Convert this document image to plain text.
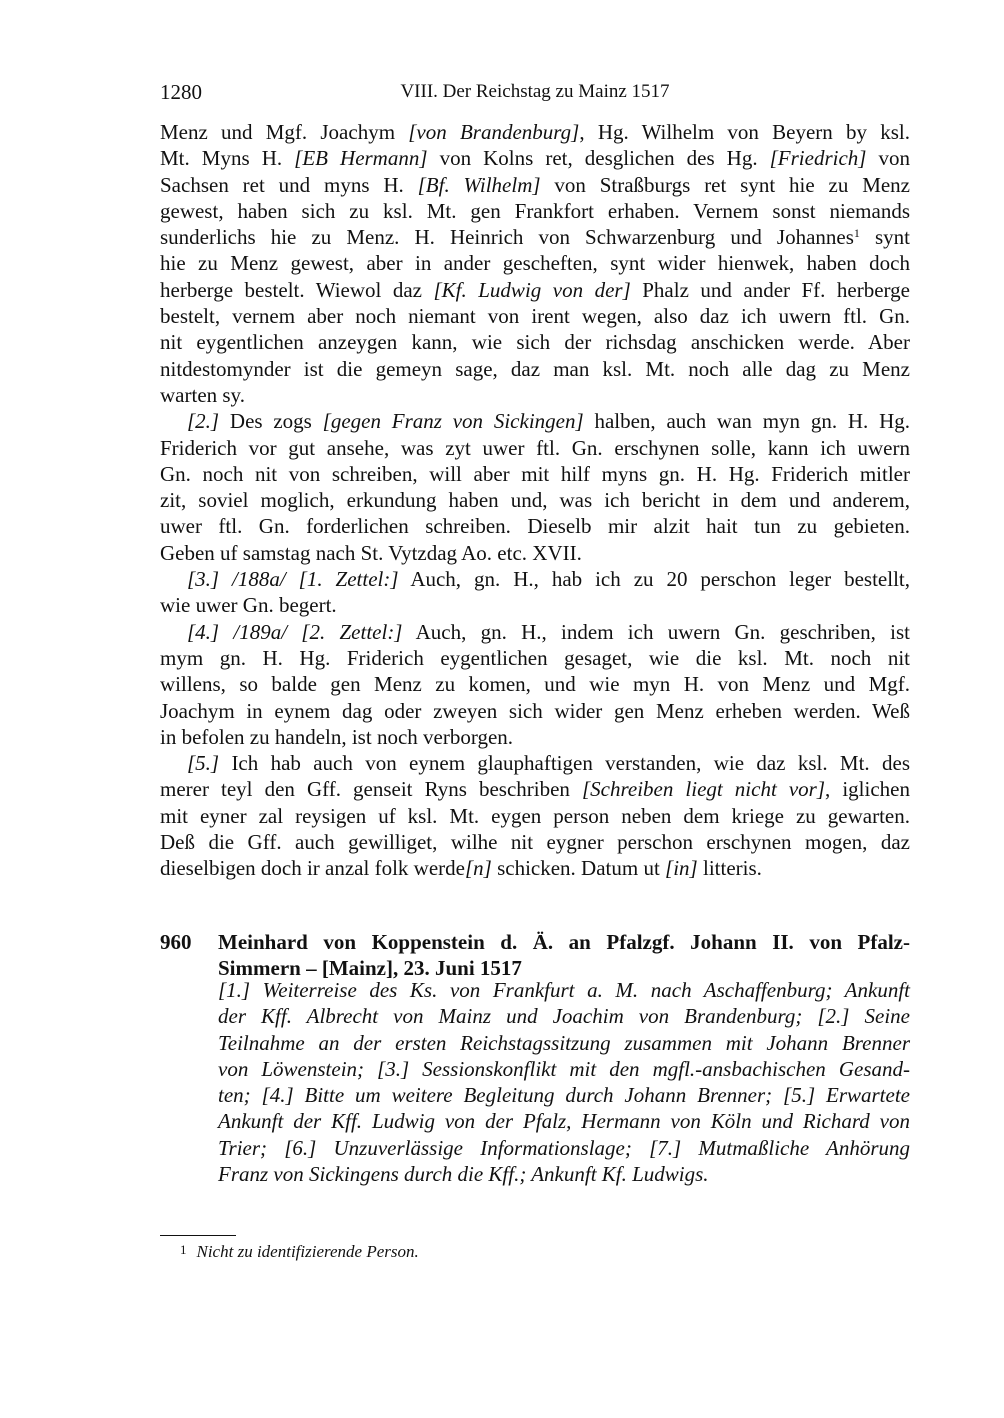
1280	VIII. Der Reichstag zu Mainz 1517
Menz und Mgf. Joachym [von Brandenburg], Hg. Wilhelm von Beyern by ksl.
Mt. Myns H. [EB Hermann] von Kolns ret, desglichen des Hg. [Friedrich] von
Sachsen ret und myns H. [Bf. Wilhelm] von Straßburgs ret synt hie zu Menz
gewest, haben sich zu ksl. Mt. gen Frankfort erhaben. Vernem sonst niemands
sunderlichs hie zu Menz. H. Heinrich von Schwarzenburg und Johannes$^1$ synt
hie zu Menz gewest, aber in ander gescheften, synt wider hienwek, haben doch
herberge bestelt. Wiewol daz [Kf. Ludwig von der] Phalz und ander Ff. herberge
bestelt, vernem aber noch niemant von irent wegen, also daz ich uwern ftl. Gn.
nit eygentlichen anzeygen kann, wie sich der richsdag anschicken werde. Aber
nitdestomynder ist die gemeyn sage, daz man ksl. Mt. noch alle dag zu Menz
warten sy.
[2.] Des zogs [gegen Franz von Sickingen] halben, auch wan myn gn. H. Hg.
Friderich vor gut ansehe, was zyt uwer ftl. Gn. erschynen solle, kann ich uwern
Gn. noch nit von schreiben, will aber mit hilf myns gn. H. Hg. Friderich mitler
zit, soviel moglich, erkundung haben und, was ich bericht in dem und anderem,
uwer ftl. Gn. forderlichen schreiben. Dieselb mir alzit hait tun zu gebieten.
Geben uf samstag nach St. Vytzdag Ao. etc. XVII.
[3.] /188a/ [1. Zettel:] Auch, gn. H., hab ich zu 20 perschon leger bestellt,
wie uwer Gn. begert.
[4.] /189a/ [2. Zettel:] Auch, gn. H., indem ich uwern Gn. geschriben, ist
mym gn. H. Hg. Friderich eygentlichen gesaget, wie die ksl. Mt. noch nit
willens, so balde gen Menz zu komen, und wie myn H. von Menz und Mgf.
Joachym in eynem dag oder zweyen sich wider gen Menz erheben werden. Weß
in befolen zu handeln, ist noch verborgen.
[5.] Ich hab auch von eynem glauphaftigen verstanden, wie daz ksl. Mt. des
merer teyl den Gff. genseit Ryns beschriben [Schreiben liegt nicht vor], iglichen
mit eyner zal reysigen uf ksl. Mt. eygen person neben dem kriege zu gewarten.
Deß die Gff. auch gewilliget, wilhe nit eygner perschon erschynen mogen, daz
dieselbigen doch ir anzal folk werde[n] schicken. Datum ut [in] litteris.
960 Meinhard von Koppenstein d. Ä. an Pfalzgf. Johann II. von Pfalz-
Simmern – [Mainz], 23. Juni 1517
[1.] Weiterreise des Ks. von Frankfurt a. M. nach Aschaffenburg; Ankunft
der Kff. Albrecht von Mainz und Joachim von Brandenburg; [2.] Seine
Teilnahme an der ersten Reichstagssitzung zusammen mit Johann Brenner
von Löwenstein; [3.] Sessionskonflikt mit den mgfl.-ansbachischen Gesand-
ten; [4.] Bitte um weitere Begleitung durch Johann Brenner; [5.] Erwartete
Ankunft der Kff. Ludwig von der Pfalz, Hermann von Köln und Richard von
Trier; [6.] Unzuverlässige Informationslage; [7.] Mutmaßliche Anhörung
Franz von Sickingens durch die Kff.; Ankunft Kf. Ludwigs.
$^1$ Nicht zu identifizierende Person.
